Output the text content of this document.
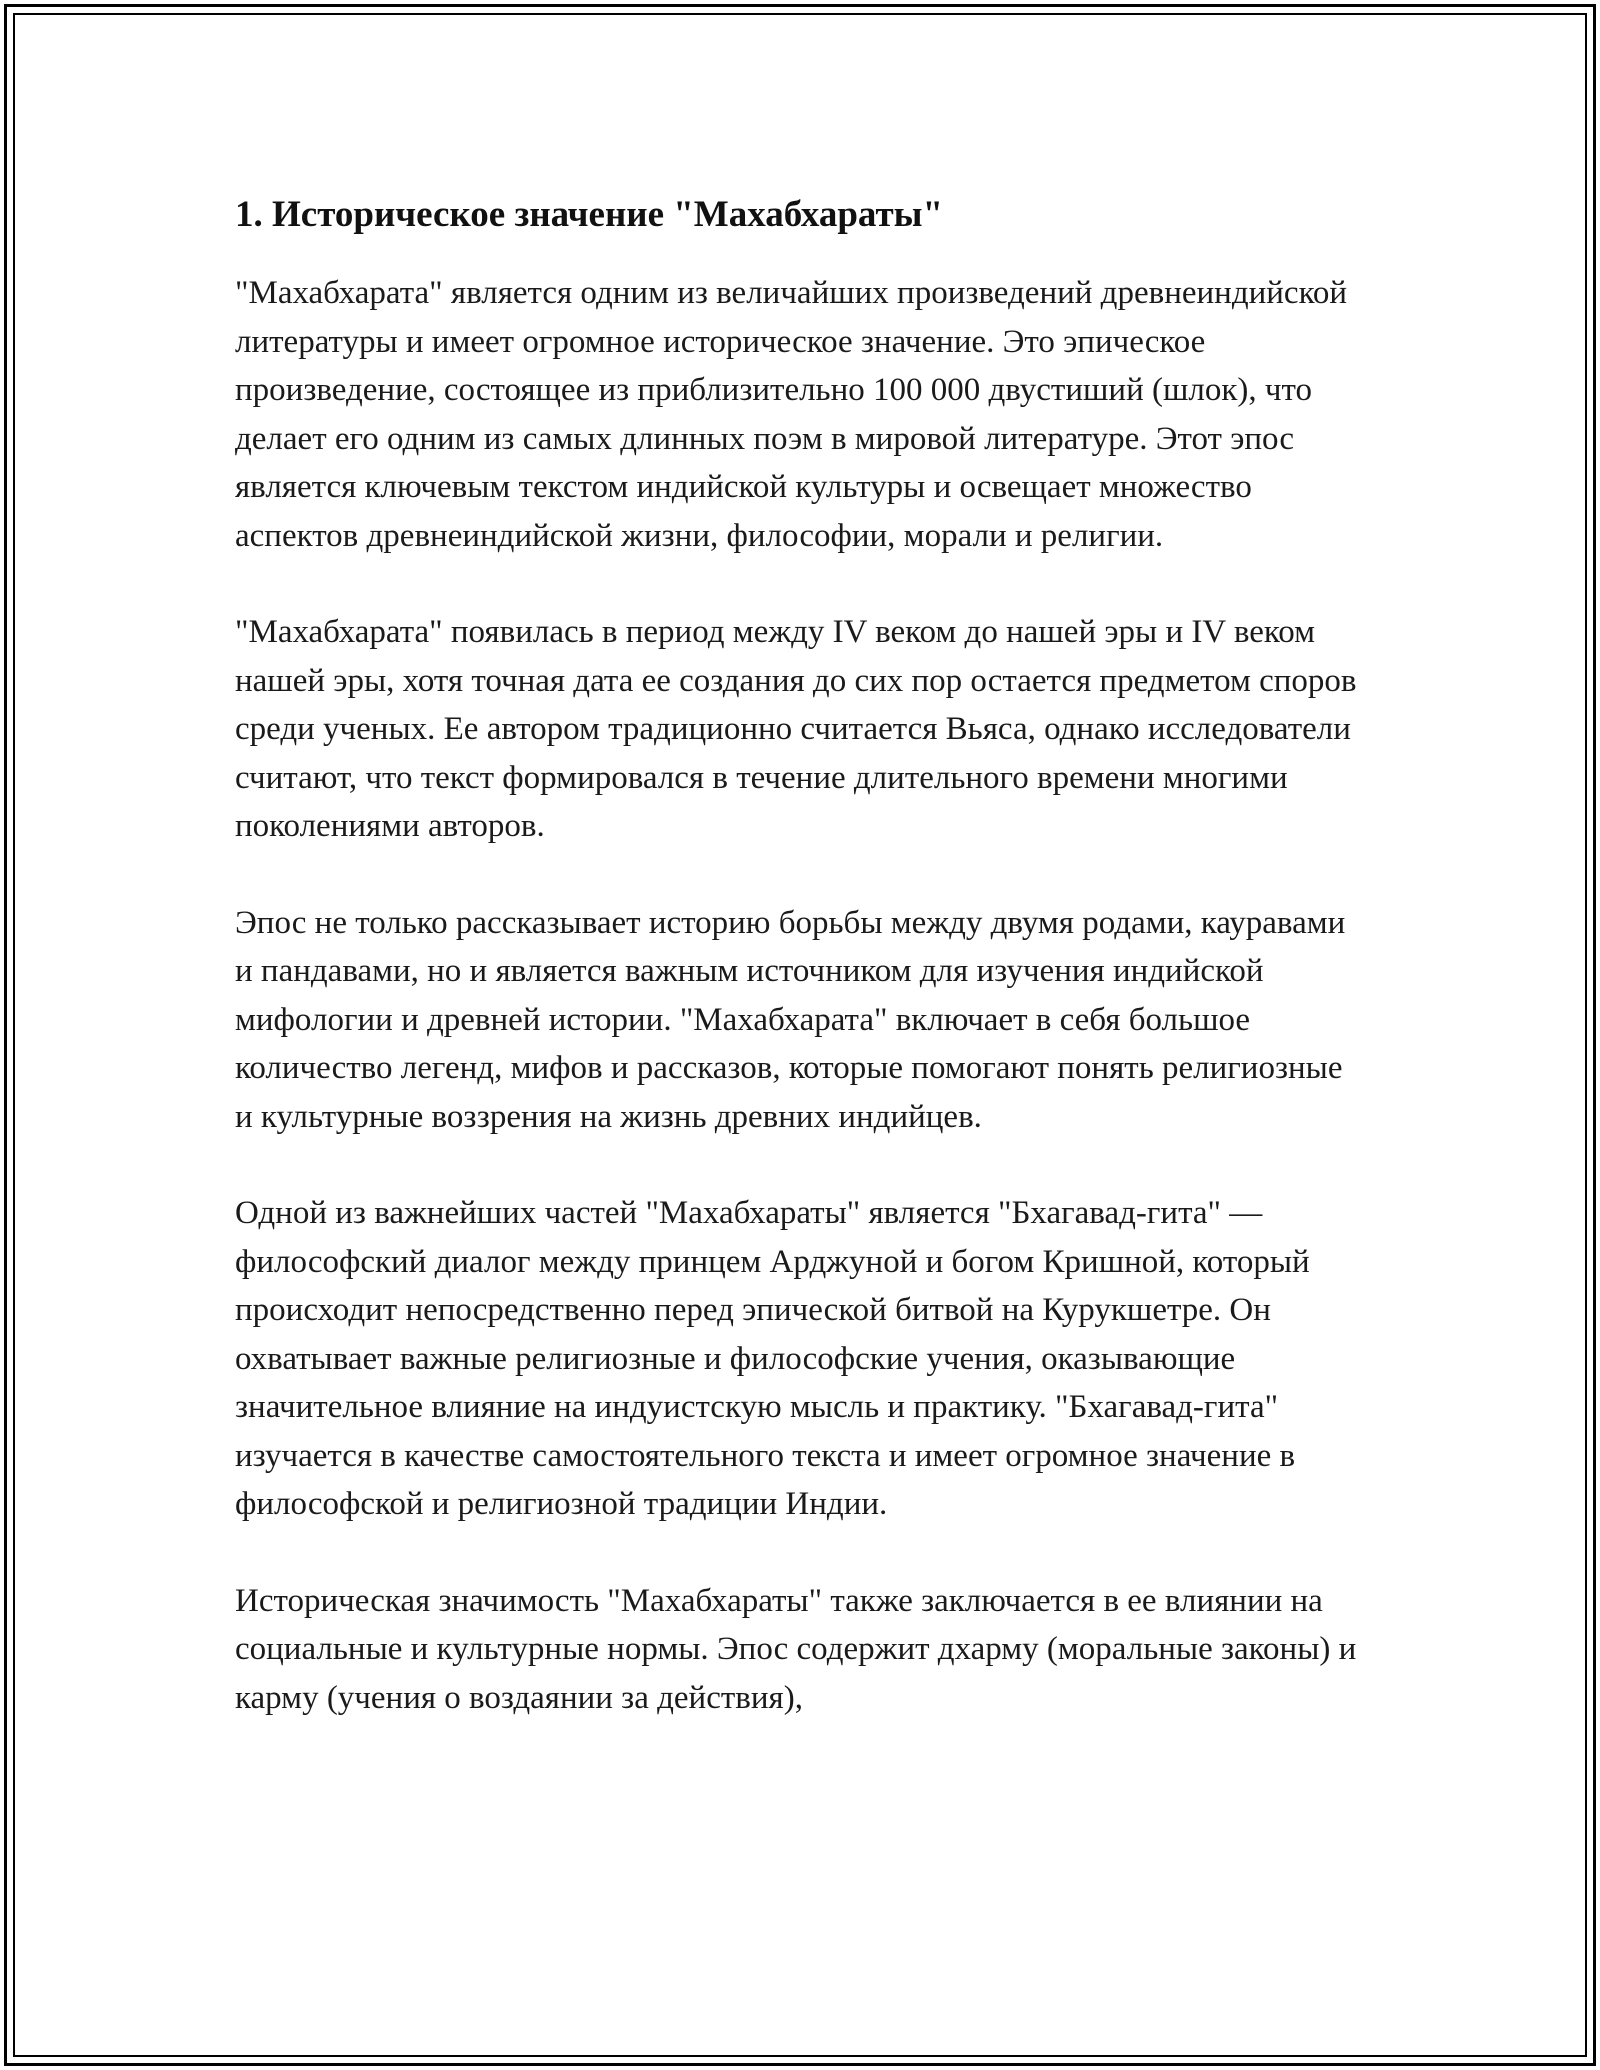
1. Историческое значение "Махабхараты"

"Махабхарата" является одним из величайших произведений древнеиндийской литературы и имеет огромное историческое значение. Это эпическое произведение, состоящее из приблизительно 100 000 двустиший (шлок), что делает его одним из самых длинных поэм в мировой литературе. Этот эпос является ключевым текстом индийской культуры и освещает множество аспектов древнеиндийской жизни, философии, морали и религии.

"Махабхарата" появилась в период между IV веком до нашей эры и IV веком нашей эры, хотя точная дата ее создания до сих пор остается предметом споров среди ученых. Ее автором традиционно считается Вьяса, однако исследователи считают, что текст формировался в течение длительного времени многими поколениями авторов.

Эпос не только рассказывает историю борьбы между двумя родами, кауравами и пандавами, но и является важным источником для изучения индийской мифологии и древней истории. "Махабхарата" включает в себя большое количество легенд, мифов и рассказов, которые помогают понять религиозные и культурные воззрения на жизнь древних индийцев.

Одной из важнейших частей "Махабхараты" является "Бхагавад-гита" — философский диалог между принцем Арджуной и богом Кришной, который происходит непосредственно перед эпической битвой на Курукшетре. Он охватывает важные религиозные и философские учения, оказывающие значительное влияние на индуистскую мысль и практику. "Бхагавад-гита" изучается в качестве самостоятельного текста и имеет огромное значение в философской и религиозной традиции Индии.

Историческая значимость "Махабхараты" также заключается в ее влиянии на социальные и культурные нормы. Эпос содержит дхарму (моральные законы) и карму (учения о воздаянии за действия),
